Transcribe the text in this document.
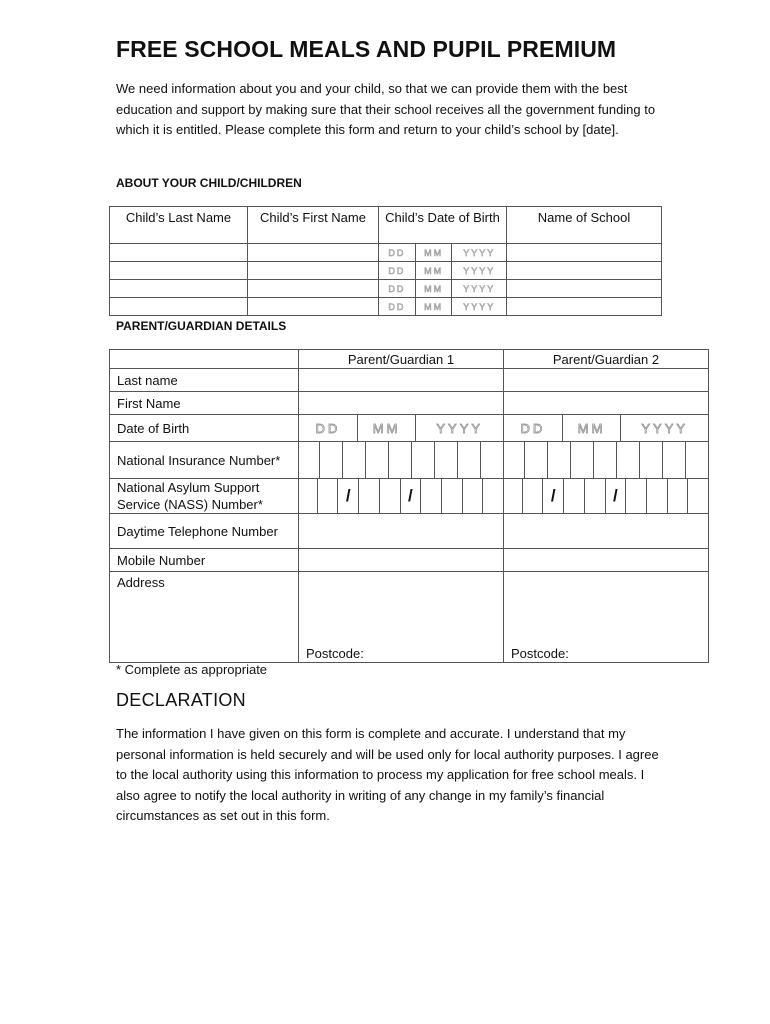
FREE SCHOOL MEALS AND PUPIL PREMIUM

We need information about you and your child, so that we can provide them with the best education and support by making sure that their school receives all the government funding to which it is entitled. Please complete this form and return to your child’s school by [date].

ABOUT YOUR CHILD/CHILDREN

Child’s Last Name	Child’s First Name	Child’s Date of Birth	Name of School

DD MM YYYY	

DD MM YYYY	

DD MM YYYY	

DD MM YYYY	

PARENT/GUARDIAN DETAILS

	Parent/Guardian 1	Parent/Guardian 2
Last name		
First Name		
Date of Birth	DD MM YYYY	DD MM YYYY

National Insurance Number*	

National Asylum Support Service (NASS) Number*	/ /	/ /

Daytime Telephone Number		
Mobile Number		
Address	Postcode:	Postcode:

* Complete as appropriate

DECLARATION

The information I have given on this form is complete and accurate. I understand that my personal information is held securely and will be used only for local authority purposes. I agree to the local authority using this information to process my application for free school meals. I also agree to notify the local authority in writing of any change in my family’s financial circumstances as set out in this form.
